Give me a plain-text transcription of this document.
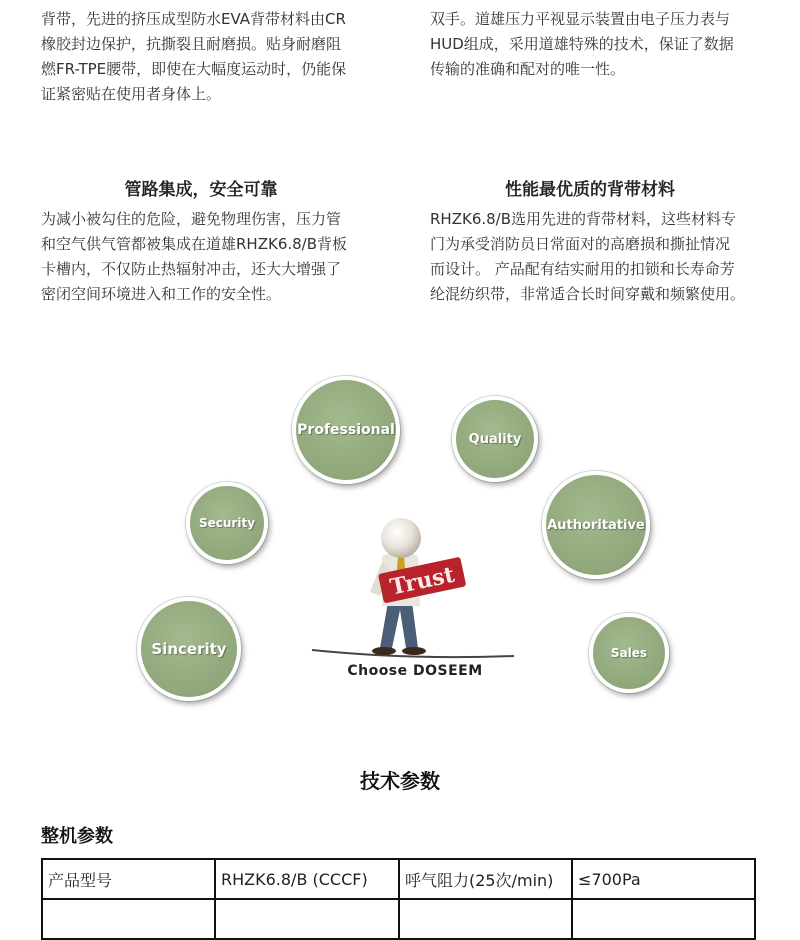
背带，先进的挤压成型防水EVA背带材料由CR
橡胶封边保护，抗撕裂且耐磨损。贴身耐磨阻
燃FR-TPE腰带，即使在大幅度运动时，仍能保
证紧密贴在使用者身体上。
双手。道雄压力平视显示装置由电子压力表与
HUD组成，采用道雄特殊的技术，保证了数据
传输的准确和配对的唯一性。
管路集成，安全可靠
为减小被勾住的危险，避免物理伤害，压力管
和空气供气管都被集成在道雄RHZK6.8/B背板
卡槽内，不仅防止热辐射冲击，还大大增强了
密闭空间环境进入和工作的安全性。
性能最优质的背带材料
RHZK6.8/B选用先进的背带材料，这些材料专
门为承受消防员日常面对的高磨损和撕扯情况
而设计。 产品配有结实耐用的扣锁和长寿命芳
纶混纺织带，非常适合长时间穿戴和频繁使用。
Professional
Quality
Security	Authoritative
Sincerity	Sales
Trust
Choose DOSEEM
技术参数
整机参数
产品型号	RHZK6.8/B (CCCF)	呼气阻力(25次/min)	≤700Pa
